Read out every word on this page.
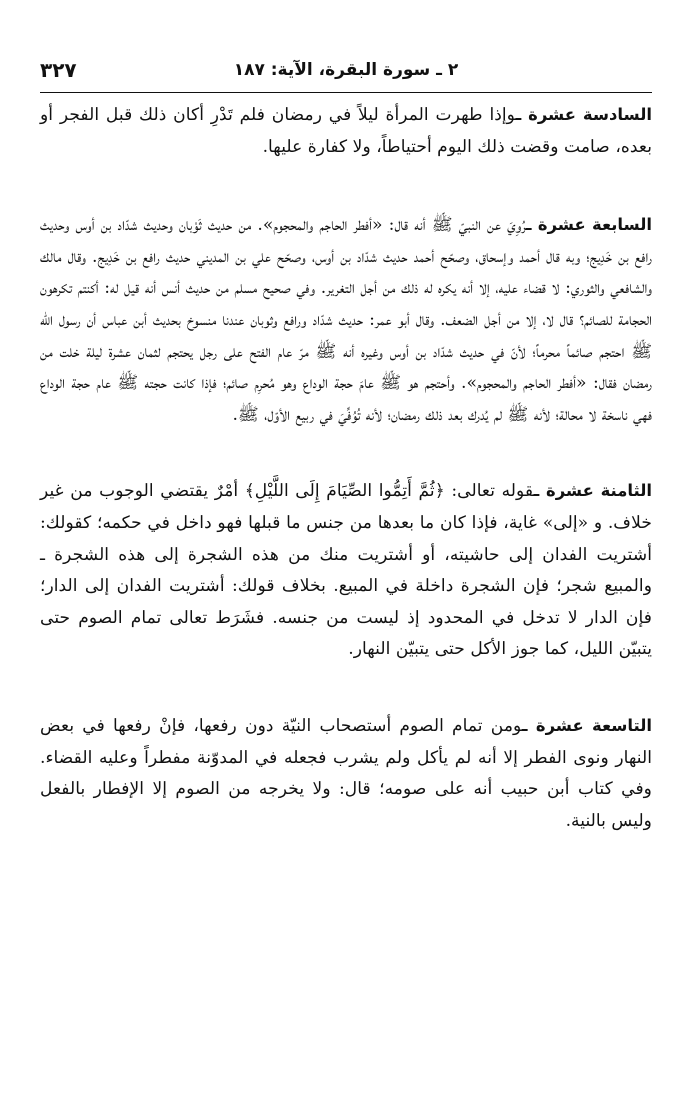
٢ ـ سورة البقرة، الآية: ١٨٧
٣٢٧

السادسة عشرة ـوإذا طهرت المرأة ليلاً في رمضان فلم تَدْرِ أكان ذلك قبل الفجر أو بعده، صامت وقضت ذلك اليوم أحتياطاً، ولا كفارة عليها.

السابعة عشرة ـرُوِيَ عن النبيّ ﷺ أنه قال: «أفطر الحاجم والمحجوم». من حديث ثَوْبان وحديث شدّاد بن أوس وحديث رافع بن خَدِيج؛ وبه قال أحمد وإسحاق، وصحّح أحمد حديث شدّاد بن أوس، وصحّح علي بن المديني حديث رافع بن خَدِيج. وقال مالك والشافعي والثوري: لا قضاء عليه، إلا أنه يكره له ذلك من أجل التغرير. وفي صحيح مسلم من حديث أنس أنه قيل له: أكنتم تكرهون الحجامة للصائم؟ قال لا، إلا من أجل الضعف. وقال أبو عمر: حديث شدّاد ورافع وثوبان عندنا منسوخ بحديث أبن عباس أن رسول الله ﷺ احتجم صائماً محرماً؛ لأنّ في حديث شدّاد بن أوس وغيره أنه ﷺ مرّ عام الفتح على رجل يحتجم لثمان عشرة ليلة خلت من رمضان فقال: «أفطر الحاجم والمحجوم». وأحتجم هو ﷺ عامَ حجة الوداع وهو مُحرِم صائم؛ فإذا كانت حجته ﷺ عام حجة الوداع فهي ناسخة لا محالة؛ لأنه ﷺ لم يُدرك بعد ذلك رمضان؛ لأنه تُوُفِّيَ في ربيع الأوّل، ﷺ.

الثامنة عشرة ـقوله تعالى: ﴿ثُمَّ أَتِمُّوا الصِّيَامَ إِلَى اللَّيْلِ﴾ أمْرٌ يقتضي الوجوب من غير خلاف. و «إلى» غاية، فإذا كان ما بعدها من جنس ما قبلها فهو داخل في حكمه؛ كقولك: أشتريت الفدان إلى حاشيته، أو أشتريت منك من هذه الشجرة إلى هذه الشجرة ـ والمبيع شجر؛ فإن الشجرة داخلة في المبيع. بخلاف قولك: أشتريت الفدان إلى الدار؛ فإن الدار لا تدخل في المحدود إذ ليست من جنسه. فشَرَط تعالى تمام الصوم حتى يتبيّن الليل، كما جوز الأكل حتى يتبيّن النهار.

التاسعة عشرة ـومن تمام الصوم أستصحاب النيّة دون رفعها، فإنْ رفعها في بعض النهار ونوى الفطر إلا أنه لم يأكل ولم يشرب فجعله في المدوّنة مفطراً وعليه القضاء. وفي كتاب أبن حبيب أنه على صومه؛ قال: ولا يخرجه من الصوم إلا الإفطار بالفعل وليس بالنية.
